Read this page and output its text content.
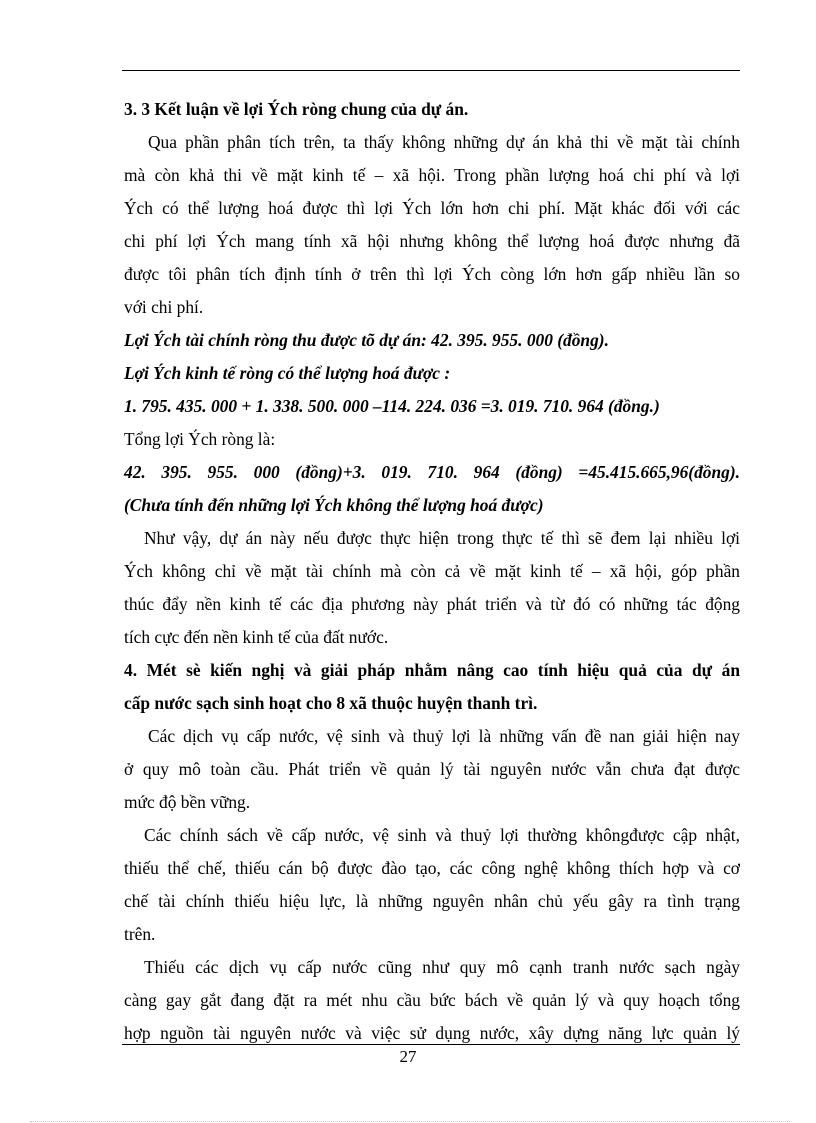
3. 3 Kết luận về lợi Ých ròng chung của dự án.
Qua phần phân tích trên, ta thấy không những dự án khả thi về mặt tài chính
mà còn khả thi về mặt kinh tế – xã hội. Trong phần lượng hoá chi phí và lợi
Ých có thể lượng hoá được thì lợi Ých lớn hơn chi phí. Mặt khác đối với các
chi phí lợi Ých mang tính xã hội nhưng không thể lượng hoá được nhưng đã
được tôi phân tích định tính ở trên thì lợi Ých còng lớn hơn gấp nhiều lần so
với chi phí.
Lợi Ých tài chính ròng thu được tõ dự án: 42. 395. 955. 000 (đồng).
Lợi Ých kinh tế ròng có thể lượng hoá được :
1. 795. 435. 000 + 1. 338. 500. 000 –114. 224. 036 =3. 019. 710. 964 (đồng.)
Tổng lợi Ých ròng là:
42. 395. 955. 000 (đồng)+3. 019. 710. 964 (đồng) =45.415.665,96(đồng).
(Chưa tính đến những lợi Ých không thể lượng hoá được)
Như vậy, dự án này nếu được thực hiện trong thực tế thì sẽ đem lại nhiều lợi
Ých không chỉ về mặt tài chính mà còn cả về mặt kinh tế – xã hội, góp phần
thúc đẩy nền kinh tế các địa phương này phát triển và từ đó có những tác động
tích cực đến nền kinh tế của đất nước.
4. Mét sè kiến nghị và giải pháp nhằm nâng cao tính hiệu quả của dự án
cấp nước sạch sinh hoạt cho 8 xã thuộc huyện thanh trì.
Các dịch vụ cấp nước, vệ sinh và thuỷ lợi là những vấn đề nan giải hiện nay
ở quy mô toàn cầu. Phát triển về quản lý tài nguyên nước vẫn chưa đạt được
mức độ bền vững.
Các chính sách về cấp nước, vệ sinh và thuỷ lợi thường khôngđược cập nhật,
thiếu thể chế, thiếu cán bộ được đào tạo, các công nghệ không thích hợp và cơ
chế tài chính thiếu hiệu lực, là những nguyên nhân chủ yếu gây ra tình trạng
trên.
Thiếu các dịch vụ cấp nước cũng như quy mô cạnh tranh nước sạch ngày
càng gay gắt đang đặt ra mét nhu cầu bức bách về quản lý và quy hoạch tổng
hợp nguồn tài nguyên nước và việc sử dụng nước, xây dựng năng lực quản lý
27
